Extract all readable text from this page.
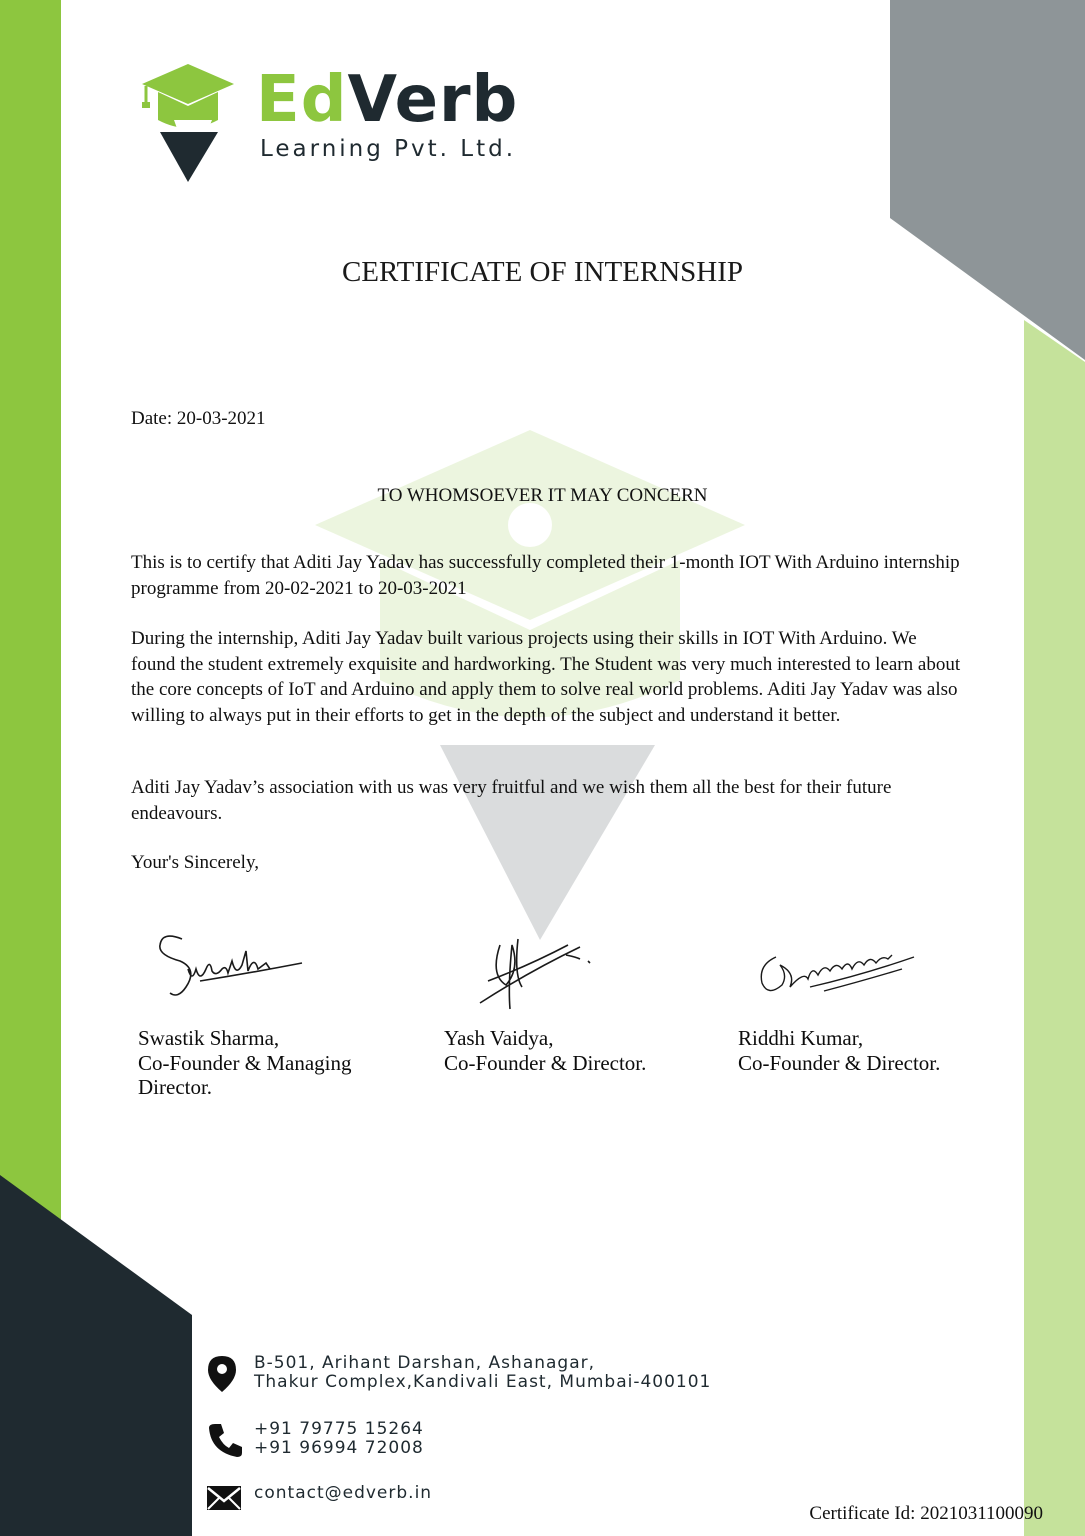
EdVerb
Learning Pvt. Ltd.
CERTIFICATE OF INTERNSHIP
Date: 20-03-2021
TO WHOMSOEVER IT MAY CONCERN

This is to certify that Aditi Jay Yadav has successfully completed their 1-month IOT With Arduino internship programme from 20-02-2021 to 20-03-2021

During the internship, Aditi Jay Yadav built various projects using their skills in IOT With Arduino. We found the student extremely exquisite and hardworking. The Student was very much interested to learn about the core concepts of IoT and Arduino and apply them to solve real world problems. Aditi Jay Yadav was also willing to always put in their efforts to get in the depth of the subject and understand it better.

Aditi Jay Yadav’s association with us was very fruitful and we wish them all the best for their future endeavours.

Your's Sincerely,
Swastik Sharma,
Co-Founder & Managing
Director.
Yash Vaidya,
Co-Founder & Director.
Riddhi Kumar,
Co-Founder & Director.
B-501, Arihant Darshan, Ashanagar,
Thakur Complex,Kandivali East, Mumbai-400101
+91 79775 15264
+91 96994 72008
contact@edverb.in
Certificate Id: 2021031100090
